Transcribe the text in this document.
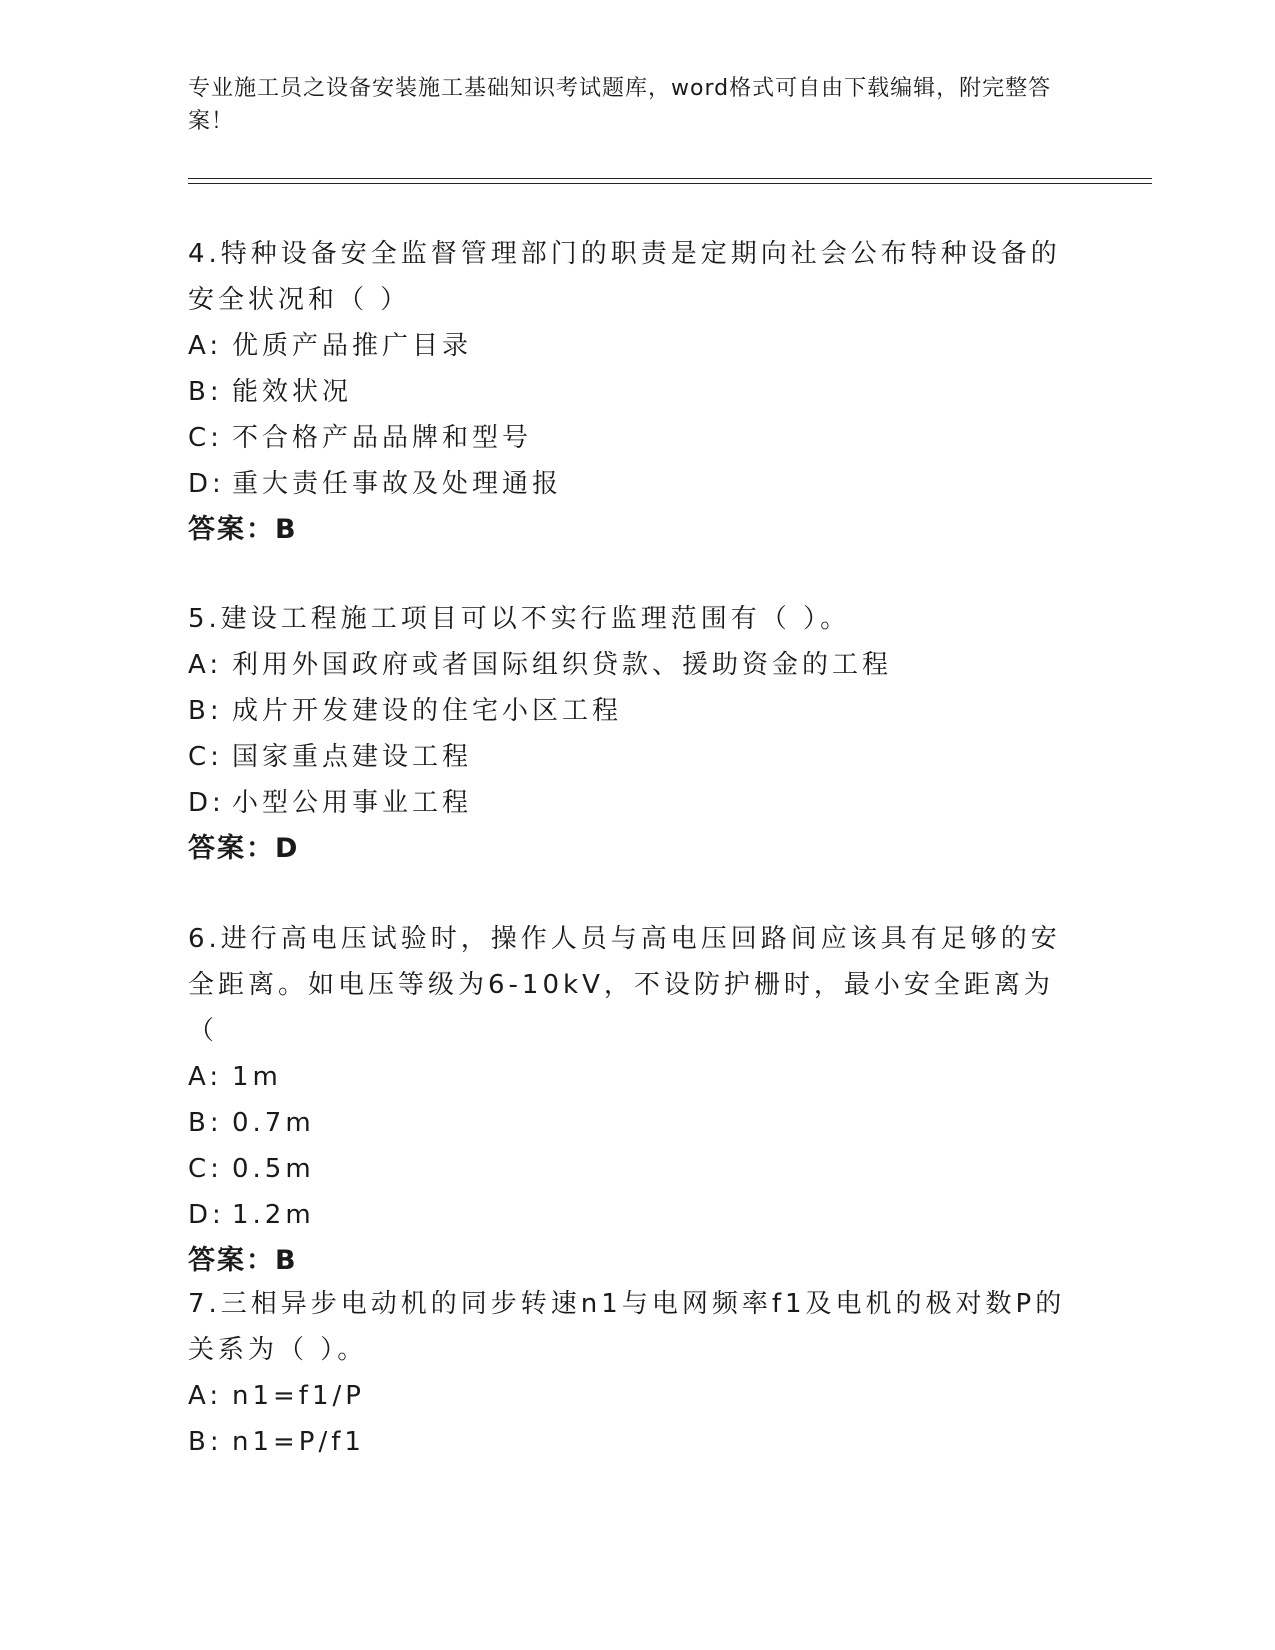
专业施工员之设备安装施工基础知识考试题库，word格式可自由下载编辑，附完整答案！
4.特种设备安全监督管理部门的职责是定期向社会公布特种设备的安全状况和（ ）
A: 优质产品推广目录
B: 能效状况
C: 不合格产品品牌和型号
D: 重大责任事故及处理通报
答案：B
5.建设工程施工项目可以不实行监理范围有（ ）。
A: 利用外国政府或者国际组织贷款、援助资金的工程
B: 成片开发建设的住宅小区工程
C: 国家重点建设工程
D: 小型公用事业工程
答案：D
6.进行高电压试验时，操作人员与高电压回路间应该具有足够的安全距离。如电压等级为6-10kV，不设防护栅时，最小安全距离为（
A: 1m
B: 0.7m
C: 0.5m
D: 1.2m
答案：B
7.三相异步电动机的同步转速n1与电网频率f1及电机的极对数P的关系为（ ）。
A: n1=f1/P
B: n1=P/f1
